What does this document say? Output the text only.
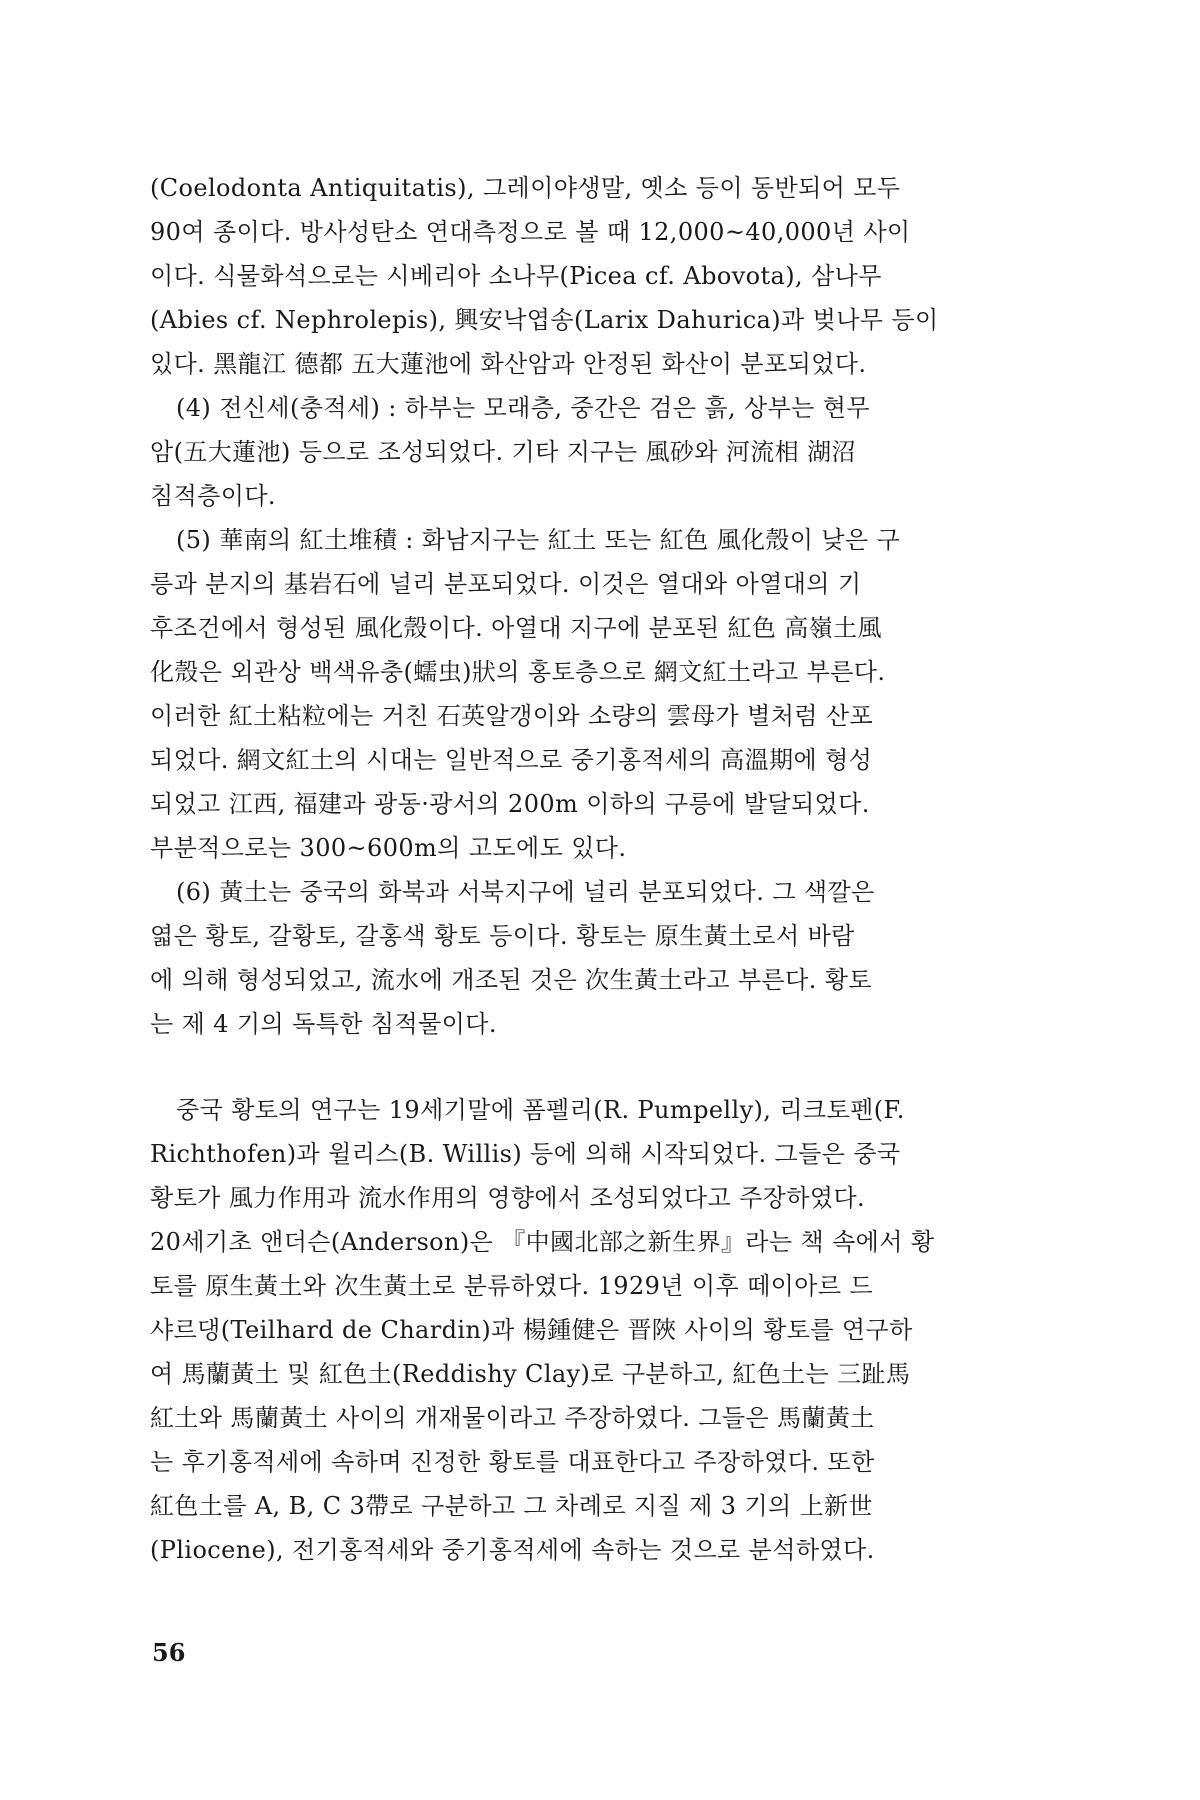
(Coelodonta Antiquitatis), 그레이야생말, 옛소 등이 동반되어 모두
90여 종이다. 방사성탄소 연대측정으로 볼 때 12,000~40,000년 사이
이다. 식물화석으로는 시베리아 소나무(Picea cf. Abovota), 삼나무
(Abies cf. Nephrolepis), 興安낙엽송(Larix Dahurica)과 벚나무 등이
있다. 黑龍江 德都 五大蓮池에 화산암과 안정된 화산이 분포되었다.
(4) 전신세(충적세) : 하부는 모래층, 중간은 검은 흙, 상부는 현무
암(五大蓮池) 등으로 조성되었다. 기타 지구는 風砂와 河流相 湖沼
침적층이다.
(5) 華南의 紅土堆積 : 화남지구는 紅土 또는 紅色 風化殼이 낮은 구
릉과 분지의 基岩石에 널리 분포되었다. 이것은 열대와 아열대의 기
후조건에서 형성된 風化殼이다. 아열대 지구에 분포된 紅色 高嶺土風
化殼은 외관상 백색유충(蠕虫)狀의 홍토층으로 網文紅土라고 부른다.
이러한 紅土粘粒에는 거친 石英알갱이와 소량의 雲母가 별처럼 산포
되었다. 網文紅土의 시대는 일반적으로 중기홍적세의 高溫期에 형성
되었고 江西, 福建과 광동·광서의 200m 이하의 구릉에 발달되었다.
부분적으로는 300~600m의 고도에도 있다.
(6) 黃土는 중국의 화북과 서북지구에 널리 분포되었다. 그 색깔은
엷은 황토, 갈황토, 갈홍색 황토 등이다. 황토는 原生黃土로서 바람
에 의해 형성되었고, 流水에 개조된 것은 次生黃土라고 부른다. 황토
는 제 4 기의 독특한 침적물이다.
중국 황토의 연구는 19세기말에 폼펠리(R. Pumpelly), 리크토펜(F.
Richthofen)과 윌리스(B. Willis) 등에 의해 시작되었다. 그들은 중국
황토가 風力作用과 流水作用의 영향에서 조성되었다고 주장하였다.
20세기초 앤더슨(Anderson)은 『中國北部之新生界』라는 책 속에서 황
토를 原生黃土와 次生黃土로 분류하였다. 1929년 이후 떼이아르 드
샤르댕(Teilhard de Chardin)과 楊鍾健은 晋陜 사이의 황토를 연구하
여 馬蘭黃土 및 紅色土(Reddishy Clay)로 구분하고, 紅色土는 三趾馬
紅土와 馬蘭黃土 사이의 개재물이라고 주장하였다. 그들은 馬蘭黃土
는 후기홍적세에 속하며 진정한 황토를 대표한다고 주장하였다. 또한
紅色土를 A, B, C 3帶로 구분하고 그 차례로 지질 제 3 기의 上新世
(Pliocene), 전기홍적세와 중기홍적세에 속하는 것으로 분석하였다.
56
